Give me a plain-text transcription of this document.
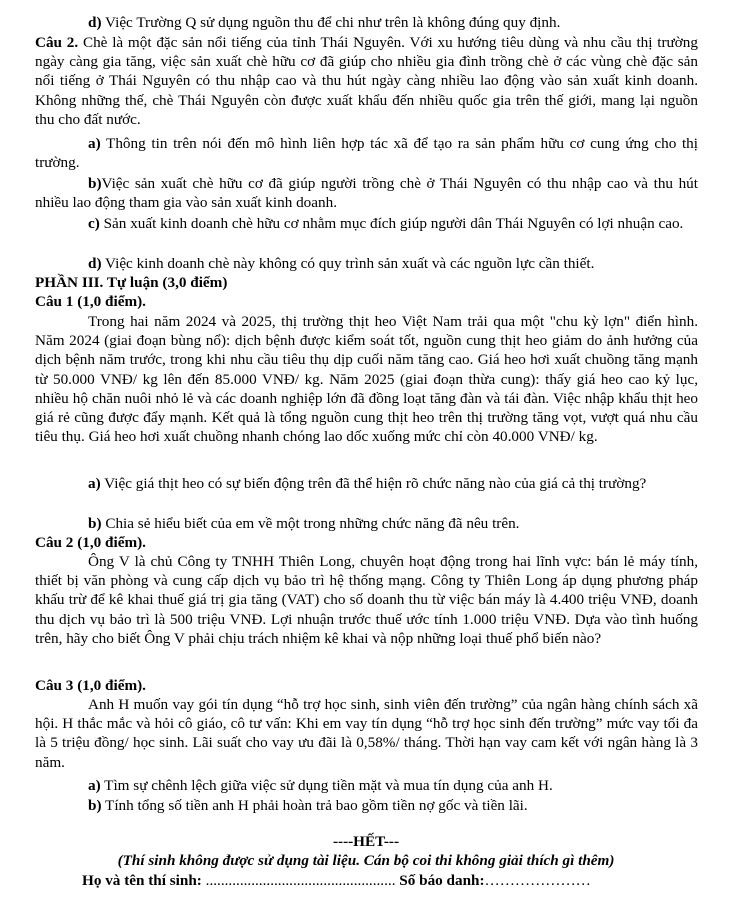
d) Việc Trường Q sử dụng nguồn thu để chi như trên là không đúng quy định.

Câu 2. Chè là một đặc sản nổi tiếng của tỉnh Thái Nguyên. Với xu hướng tiêu dùng và nhu cầu thị trường ngày càng gia tăng, việc sản xuất chè hữu cơ đã giúp cho nhiều gia đình trồng chè ở các vùng chè đặc sản nổi tiếng ở Thái Nguyên có thu nhập cao và thu hút ngày càng nhiều lao động vào sản xuất kinh doanh. Không những thế, chè Thái Nguyên còn được xuất khẩu đến nhiều quốc gia trên thế giới, mang lại nguồn thu cho đất nước.

a) Thông tin trên nói đến mô hình liên hợp tác xã để tạo ra sản phẩm hữu cơ cung ứng cho thị trường.

b)Việc sản xuất chè hữu cơ đã giúp người trồng chè ở Thái Nguyên có thu nhập cao và thu hút nhiều lao động tham gia vào sản xuất kinh doanh.

c) Sản xuất kinh doanh chè hữu cơ nhằm mục đích giúp người dân Thái Nguyên có lợi nhuận cao.

d) Việc kinh doanh chè này không có quy trình sản xuất và các nguồn lực cần thiết.

PHẦN III. Tự luận (3,0 điểm)

Câu 1 (1,0 điểm).

Trong hai năm 2024 và 2025, thị trường thịt heo Việt Nam trải qua một "chu kỳ lợn" điển hình. Năm 2024 (giai đoạn bùng nổ): dịch bệnh được kiểm soát tốt, nguồn cung thịt heo giảm do ảnh hưởng của dịch bệnh năm trước, trong khi nhu cầu tiêu thụ dịp cuối năm tăng cao. Giá heo hơi xuất chuồng tăng mạnh từ 50.000 VNĐ/ kg lên đến 85.000 VNĐ/ kg. Năm 2025 (giai đoạn thừa cung): thấy giá heo cao kỷ lục, nhiều hộ chăn nuôi nhỏ lẻ và các doanh nghiệp lớn đã đồng loạt tăng đàn và tái đàn. Việc nhập khẩu thịt heo giá rẻ cũng được đẩy mạnh. Kết quả là tổng nguồn cung thịt heo trên thị trường tăng vọt, vượt quá nhu cầu tiêu thụ. Giá heo hơi xuất chuồng nhanh chóng lao dốc xuống mức chỉ còn 40.000 VNĐ/ kg.

a) Việc giá thịt heo có sự biến động trên đã thể hiện rõ chức năng nào của giá cả thị trường?

b) Chia sẻ hiểu biết của em về một trong những chức năng đã nêu trên.

Câu 2 (1,0 điểm).

Ông V là chủ Công ty TNHH Thiên Long, chuyên hoạt động trong hai lĩnh vực: bán lẻ máy tính, thiết bị văn phòng và cung cấp dịch vụ bảo trì hệ thống mạng. Công ty Thiên Long áp dụng phương pháp khấu trừ để kê khai thuế giá trị gia tăng (VAT) cho số doanh thu từ việc bán máy là 4.400 triệu VNĐ, doanh thu dịch vụ bảo trì là 500 triệu VNĐ. Lợi nhuận trước thuế ước tính 1.000 triệu VNĐ. Dựa vào tình huống trên, hãy cho biết Ông V phải chịu trách nhiệm kê khai và nộp những loại thuế phổ biến nào?

Câu 3 (1,0 điểm).

Anh H muốn vay gói tín dụng “hỗ trợ học sinh, sinh viên đến trường” của ngân hàng chính sách xã hội. H thắc mắc và hỏi cô giáo, cô tư vấn: Khi em vay tín dụng “hỗ trợ học sinh đến trường” mức vay tối đa là 5 triệu đồng/ học sinh. Lãi suất cho vay ưu đãi là 0,58%/ tháng. Thời hạn vay cam kết với ngân hàng là 3 năm.

a) Tìm sự chênh lệch giữa việc sử dụng tiền mặt và mua tín dụng của anh H.

b) Tính tổng số tiền anh H phải hoàn trả bao gồm tiền nợ gốc và tiền lãi.

----HẾT---

(Thí sinh không được sử dụng tài liệu. Cán bộ coi thi không giải thích gì thêm)

Họ và tên thí sinh: .................................................. Số báo danh:…………………
